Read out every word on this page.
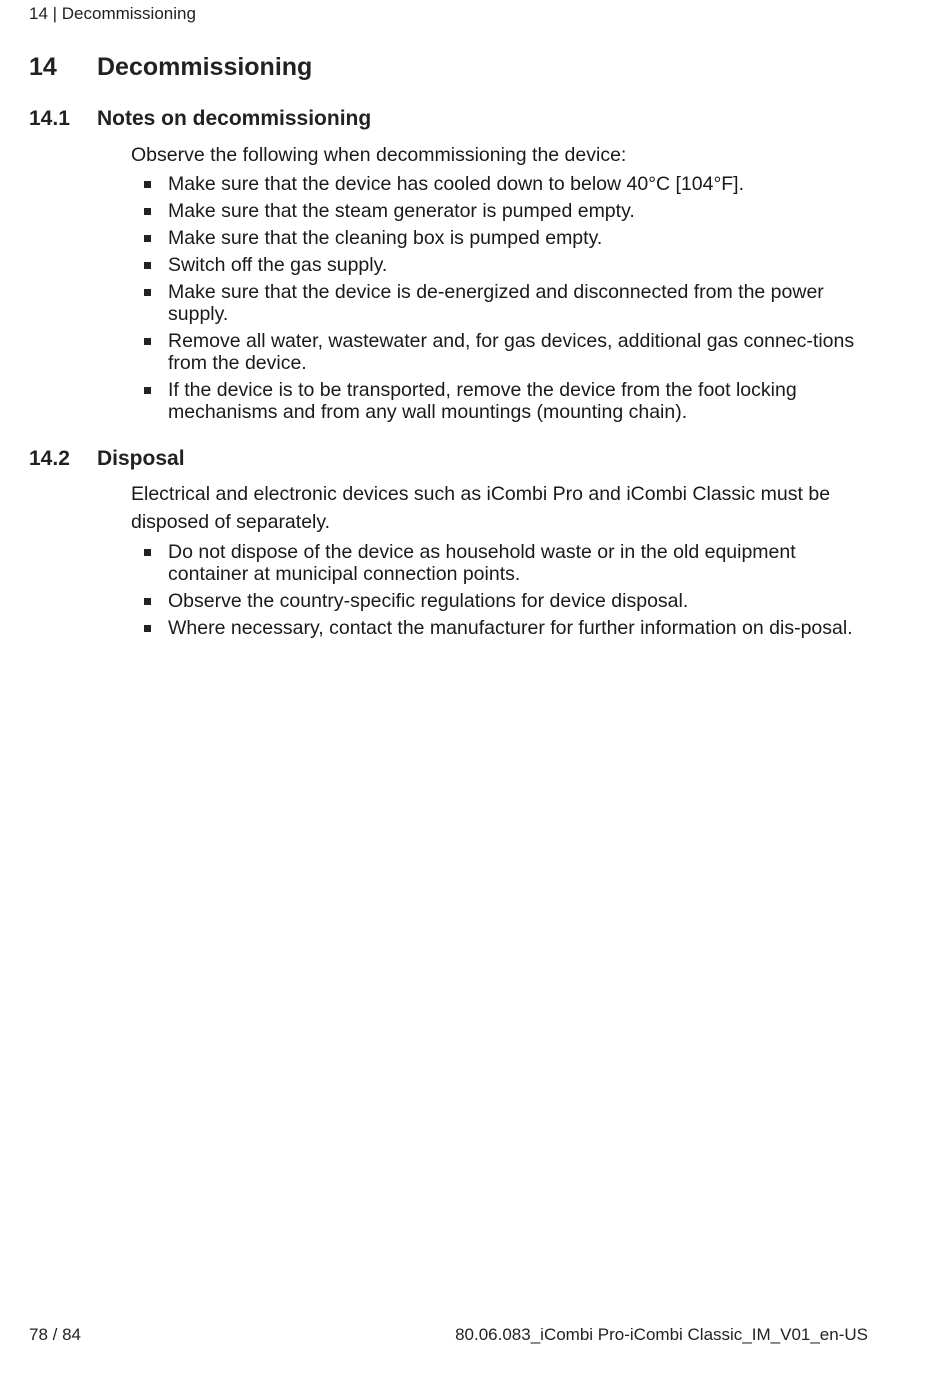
14 | Decommissioning
14	Decommissioning
14.1	Notes on decommissioning

Observe the following when decommissioning the device:

Make sure that the device has cooled down to below 40°C [104°F].
Make sure that the steam generator is pumped empty.
Make sure that the cleaning box is pumped empty.
Switch off the gas supply.
Make sure that the device is de-energized and disconnected from the power supply.
Remove all water, wastewater and, for gas devices, additional gas connec-tions from the device.
If the device is to be transported, remove the device from the foot locking mechanisms and from any wall mountings (mounting chain).
14.2	Disposal

Electrical and electronic devices such as iCombi Pro and iCombi Classic must be disposed of separately.

Do not dispose of the device as household waste or in the old equipment container at municipal connection points.
Observe the country-specific regulations for device disposal.
Where necessary, contact the manufacturer for further information on dis-posal.
78 / 84	80.06.083_iCombi Pro-iCombi Classic_IM_V01_en-US
